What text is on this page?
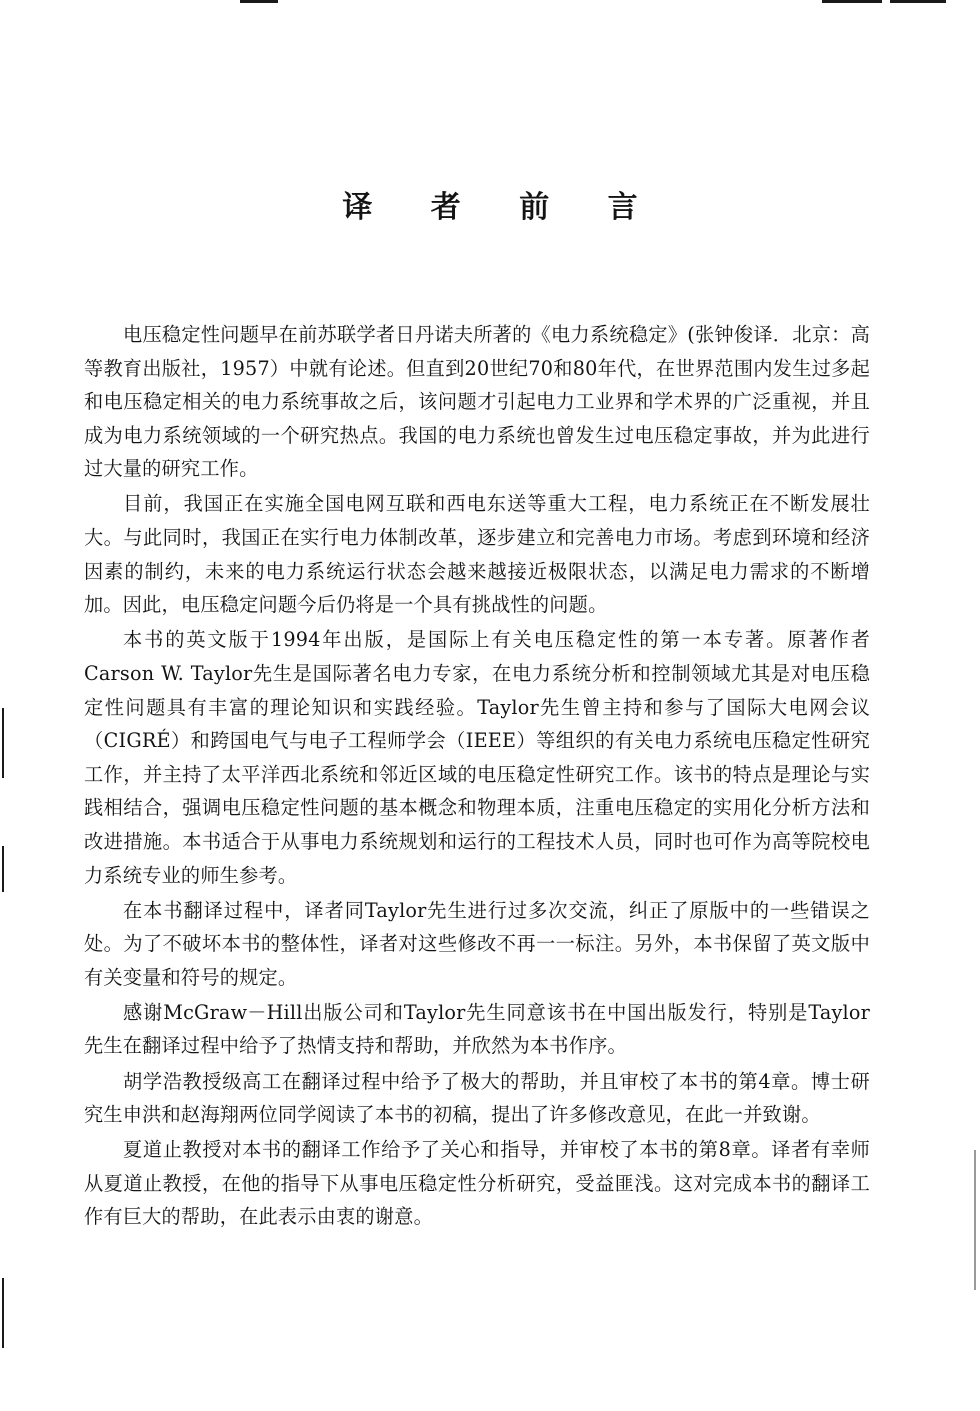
译 者 前 言

电压稳定性问题早在前苏联学者日丹诺夫所著的《电力系统稳定》(张钟俊译．北京：高等教育出版社，1957）中就有论述。但直到20世纪70和80年代，在世界范围内发生过多起和电压稳定相关的电力系统事故之后，该问题才引起电力工业界和学术界的广泛重视，并且成为电力系统领域的一个研究热点。我国的电力系统也曾发生过电压稳定事故，并为此进行过大量的研究工作。

目前，我国正在实施全国电网互联和西电东送等重大工程，电力系统正在不断发展壮大。与此同时，我国正在实行电力体制改革，逐步建立和完善电力市场。考虑到环境和经济因素的制约，未来的电力系统运行状态会越来越接近极限状态，以满足电力需求的不断增加。因此，电压稳定问题今后仍将是一个具有挑战性的问题。

本书的英文版于1994年出版，是国际上有关电压稳定性的第一本专著。原著作者Carson W. Taylor先生是国际著名电力专家，在电力系统分析和控制领域尤其是对电压稳定性问题具有丰富的理论知识和实践经验。Taylor先生曾主持和参与了国际大电网会议（CIGRÉ）和跨国电气与电子工程师学会（IEEE）等组织的有关电力系统电压稳定性研究工作，并主持了太平洋西北系统和邻近区域的电压稳定性研究工作。该书的特点是理论与实践相结合，强调电压稳定性问题的基本概念和物理本质，注重电压稳定的实用化分析方法和改进措施。本书适合于从事电力系统规划和运行的工程技术人员，同时也可作为高等院校电力系统专业的师生参考。

在本书翻译过程中，译者同Taylor先生进行过多次交流，纠正了原版中的一些错误之处。为了不破坏本书的整体性，译者对这些修改不再一一标注。另外，本书保留了英文版中有关变量和符号的规定。

感谢McGraw－Hill出版公司和Taylor先生同意该书在中国出版发行，特别是Taylor先生在翻译过程中给予了热情支持和帮助，并欣然为本书作序。

胡学浩教授级高工在翻译过程中给予了极大的帮助，并且审校了本书的第4章。博士研究生申洪和赵海翔两位同学阅读了本书的初稿，提出了许多修改意见，在此一并致谢。

夏道止教授对本书的翻译工作给予了关心和指导，并审校了本书的第8章。译者有幸师从夏道止教授，在他的指导下从事电压稳定性分析研究，受益匪浅。这对完成本书的翻译工作有巨大的帮助，在此表示由衷的谢意。
